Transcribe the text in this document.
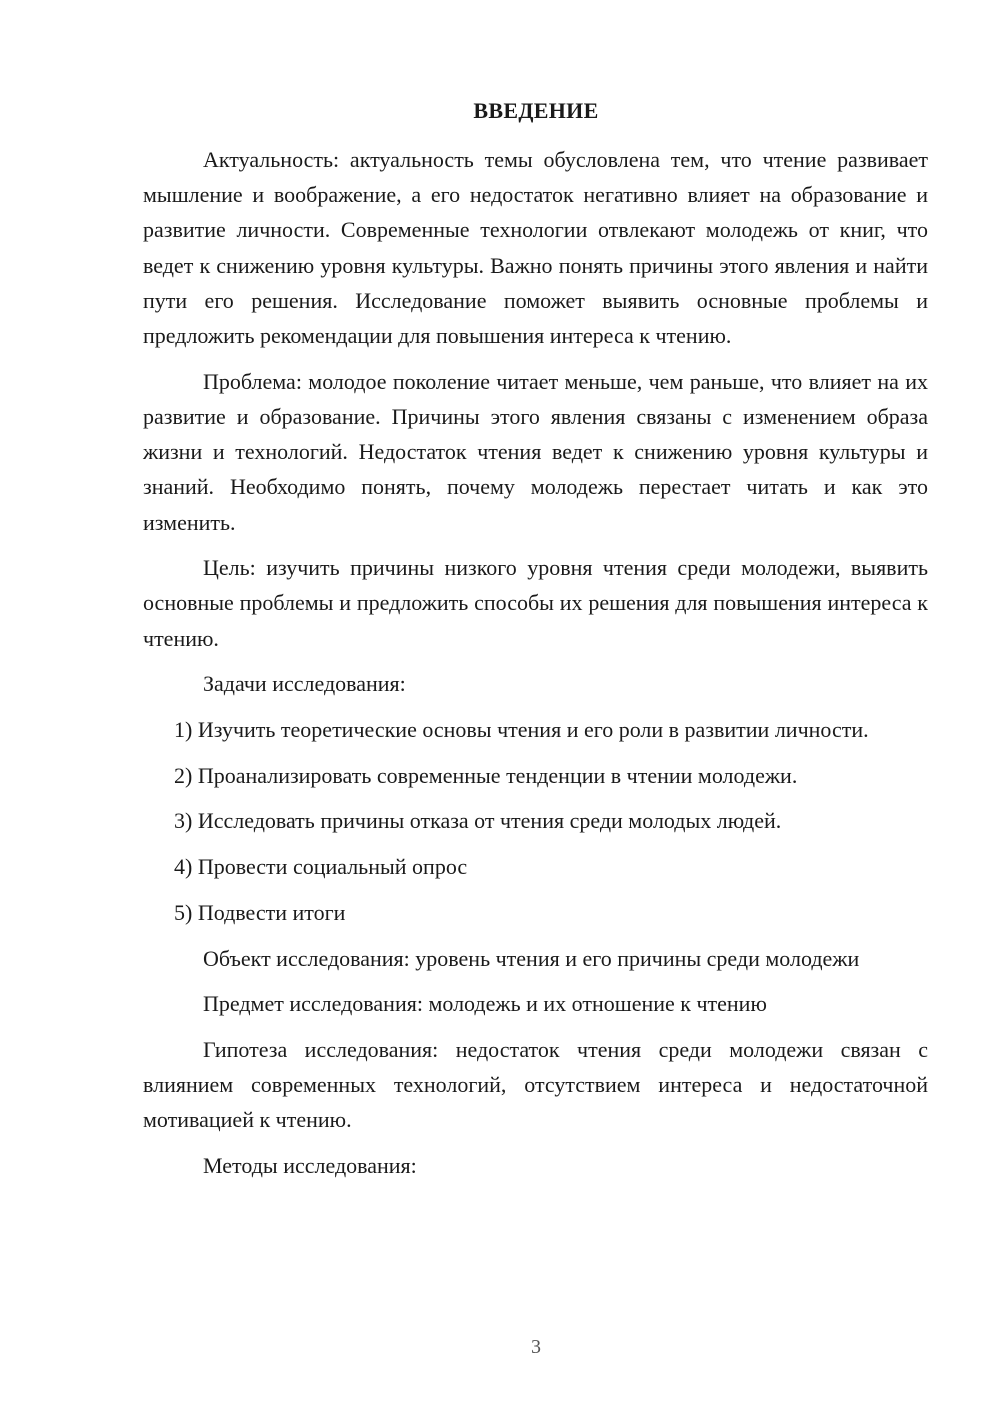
ВВЕДЕНИЕ

Актуальность: актуальность темы обусловлена тем, что чтение развивает мышление и воображение, а его недостаток негативно влияет на образование и развитие личности. Современные технологии отвлекают молодежь от книг, что ведет к снижению уровня культуры. Важно понять причины этого явления и найти пути его решения. Исследование поможет выявить основные проблемы и предложить рекомендации для повышения интереса к чтению.

Проблема: молодое поколение читает меньше, чем раньше, что влияет на их развитие и образование. Причины этого явления связаны с изменением образа жизни и технологий. Недостаток чтения ведет к снижению уровня культуры и знаний. Необходимо понять, почему молодежь перестает читать и как это изменить.

Цель: изучить причины низкого уровня чтения среди молодежи, выявить основные проблемы и предложить способы их решения для повышения интереса к чтению.

Задачи исследования:

1) Изучить теоретические основы чтения и его роли в развитии личности.

2) Проанализировать современные тенденции в чтении молодежи.

3) Исследовать причины отказа от чтения среди молодых людей.

4) Провести социальный опрос

5) Подвести итоги

Объект исследования: уровень чтения и его причины среди молодежи

Предмет исследования: молодежь и их отношение к чтению

Гипотеза исследования: недостаток чтения среди молодежи связан с влиянием современных технологий, отсутствием интереса и недостаточной мотивацией к чтению.

Методы исследования:

3
